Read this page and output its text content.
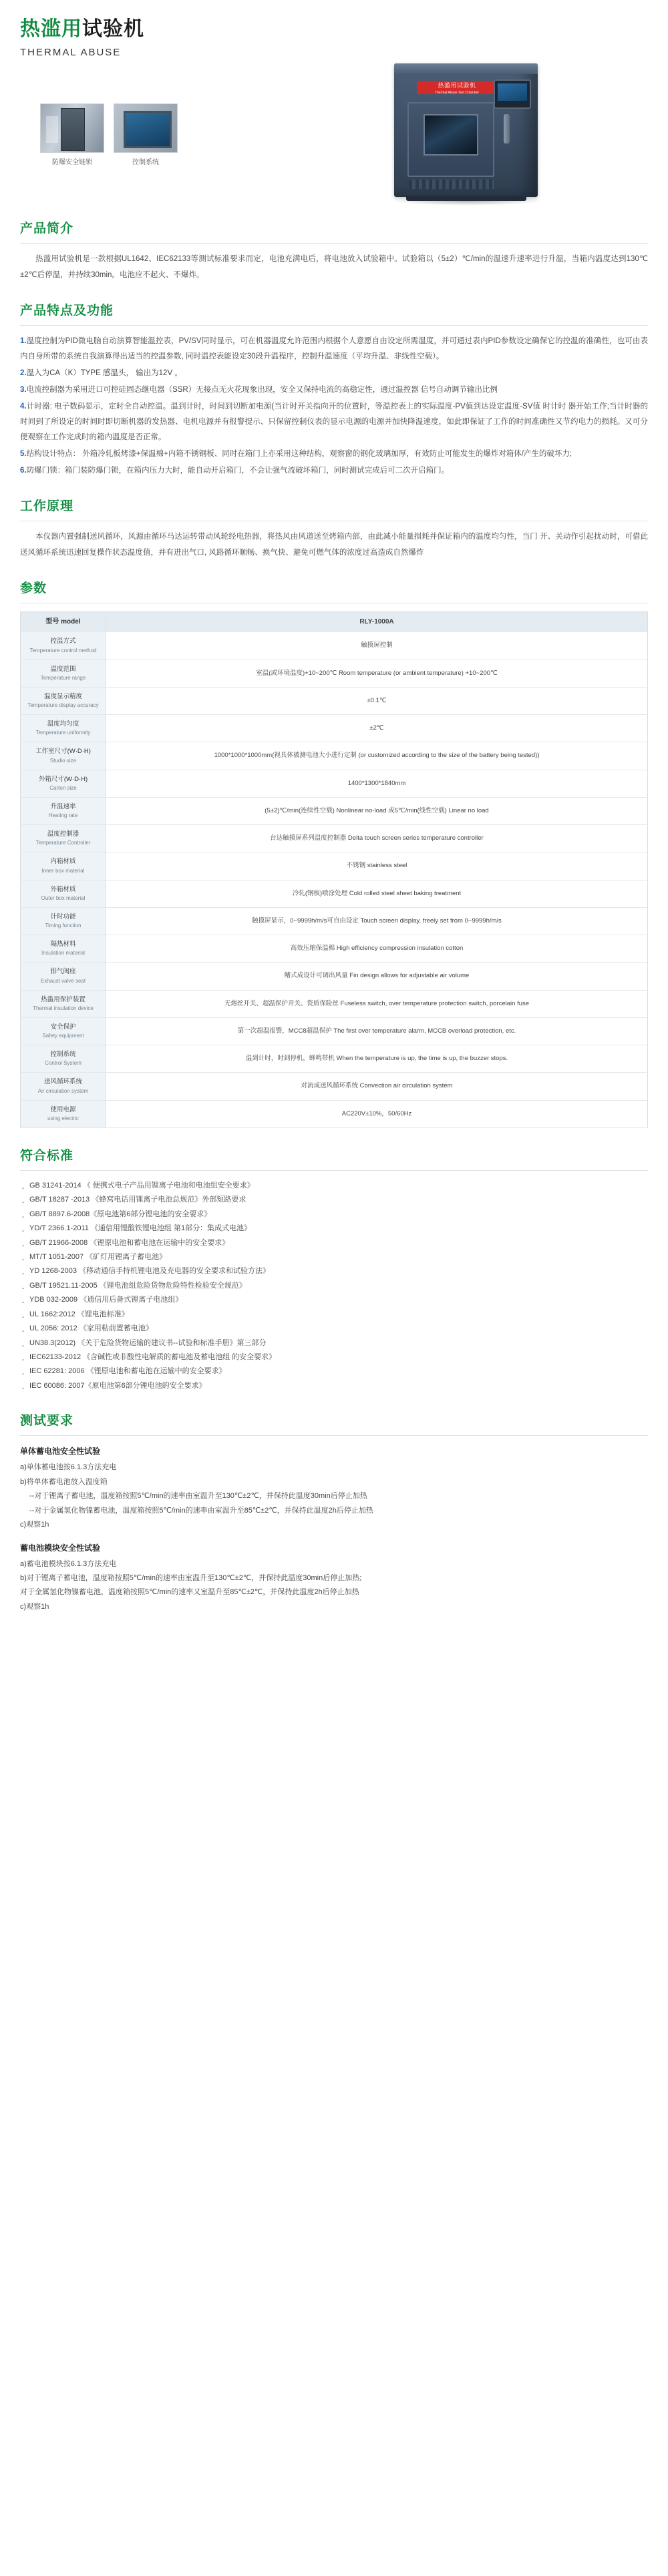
热滥用试验机
THERMAL ABUSE
防爆安全链锁	控制系统
热滥用试验机
Thermal Abuse Test Chamber
产品简介

热滥用试验机是一款根据UL1642、IEC62133等测试标准要求而定，电池充满电后，将电池放入试验箱中。试验箱以（5±2）℃/min的温速升速率进行升温，当箱内温度达到130℃±2℃后停温，并持续30min。电池应不起火、不爆炸。

产品特点及功能
1.温度控制为PID微电脑自动演算智能温控表，PV/SV同时显示，可在机器温度允许范围内根据个人意愿自由设定所需温度，并可通过表内PID参数设定确保它的控温的准确性，也可由表内自身所带的系统自我演算得出适当的控温参数, 同时温控表能设定30段升温程序，控制升温速度（平均升温、非线性空载）。
2.温入为CA（K）TYPE 感温头， 输出为12V 。
3.电流控制器为采用进口可控硅固态继电器（SSR）无接点无火花现象出现，安全又保持电流的高稳定性，通过温控器 信号自动调节输出比例
4.计时器: 电子数码显示，定时全自动控温。温到计时，时间到切断加电源(当计时开关指向开的位置时，等温控表上的实际温度-PV值到达设定温度-SV值 时计时 器开始工作;当计时器的时间到了所设定的时间时即切断机器的发热器、电机电源并有报警提示、只保留控制仪表的显示电源的电源并加快降温速度，如此即保证了工作的时间准确性又节约电力的损耗。又可分便观察在工作完成时的箱内温度是否正常。
5.结构设计特点： 外箱冷轧板烤漆+保温棉+内箱不锈钢板、同时在箱门上亦采用这种结构，观察窗的钢化玻璃加厚，有效防止可能发生的爆炸对箱体/产生的破坏力;
6.防爆门锁：箱门装防爆门锁，在箱内压力大时，能自动开启箱门，不会让强气流破坏箱门，同时测试完成后可二次开启箱门。
工作原理

本仪器内置强制送风循环，风源由循环马达运转带动风轮经电热器，将热风由风道送至烤箱内部，由此减小能量损耗并保证箱内的温度均匀性，当门 开、关动作引起扰动时，可借此送风循环系统迅速回复操作状态温度值，并有进出气口, 风路循环顺畅、换气快、避免可燃气体的浓度过高造成自然爆炸

参数
型号 model	RLY-1000A
控温方式
Temperature control method	触摸屏控制
温度范围
Temperature range	室温(或环境温度)+10~200℃ Room temperature (or ambient temperature) +10~200℃
温度显示精度
Temperature display accuracy	±0.1℃
温度均匀度
Temperature uniformity	±2℃
工作室尺寸(W·D·H)
Studio size	1000*1000*1000mm(视具体被测电池大小进行定制 (or customized according to the size of the battery being tested))
外箱尺寸(W·D·H)
Carton size	1400*1300*1840mm
升温速率
Heating rate	(5±2)℃/min(连续性空载) Nonlinear no-load 或5℃/min(线性空载) Linear no load
温度控制器
Temperature Controller	台达触摸屏系列温度控制器 Delta touch screen series temperature controller
内箱材质
Inner box material	不锈钢 stainless steel
外箱材质
Outer box material	冷轧(钢板)喷涂处理 Cold rolled steel sheet baking treatment
计时功能
Timing function	触摸屏显示，0~9999h/m/s可自由设定 Touch screen display, freely set from 0~9999h/m/s
隔热材料
Insulation material	高效压缩保温棉 High efficiency compression insulation cotton
排气阀座
Exhaust valve seat	鳍式成设计可调出风量 Fin design allows for adjustable air volume
热滥用保护装置
Thermal insulation device	无熔丝开关、超温保护开关、瓷质保险丝 Fuseless switch, over temperature protection switch, porcelain fuse
安全保护
Safety equipment	第一次超温报警，MCC8超温保护 The first over temperature alarm, MCCB overload protection, etc.
控制系统
Control System	温到计时，时到停机，蜂鸣带机 When the temperature is up, the time is up, the buzzer stops.
送风循环系统
Air circulation system	对流成送风循环系统 Convection air circulation system
使用电源
using electric	AC220V±10%，50/60Hz
符合标准
· GB 31241-2014 《 便携式电子产品用锂离子电池和电池组安全要求》
· GB/T 18287 -2013 《蜂窝电话用锂离子电池总规范》外部短路要求
· GB/T 8897.6-2008《原电池第6部分锂电池的安全要求》
· YD/T 2366.1-2011 《通信用锂酸铁锂电池组 第1部分：集成式电池》
· GB/T 21966-2008 《锂原电池和蓄电池在运输中的安全要求》
· MT/T 1051-2007 《矿灯用锂离子蓄电池》
· YD 1268-2003 《移动通信手持机锂电池及充电器的安全要求和试验方法》
· GB/T 19521.11-2005 《锂电池组危险货物危险特性检验安全规范》
· YDB 032-2009 《通信用后备式锂离子电池组》
· UL 1662:2012 《锂电池标准》
· UL 2056: 2012 《家用粘前置蓄电池》
· UN38.3(2012) 《关于危险货物运输的建议书--试验和标准手册》第三部分
· IEC62133-2012 《含碱性或非酸性电解质的蓄电池及蓄电池组 的安全要求》
· IEC 62281: 2006 《锂原电池和蓄电池在运输中的安全要求》
· IEC 60086: 2007《原电池第6部分锂电池的安全要求》
测试要求
单体蓄电池安全性试验
a)单体蓄电池按6.1.3方法充电
b)将单体蓄电池放入温度箱
--对于锂离子蓄电池，温度箱按照5℃/min的速率由室温升至130℃±2℃，并保持此温度30min后停止加热
--对于金属氢化物镍蓄电池，温度箱按照5℃/min的速率由室温升至85℃±2℃，并保持此温度2h后停止加热
c)观察1h
蓄电池模块安全性试验
a)蓄电池模块按6.1.3方法充电
b)对于锂离子蓄电池，温度箱按照5℃/min的速率由室温升至130℃±2℃，并保持此温度30min后停止加热;
对于金属氢化物镍蓄电池，温度箱按照5℃/min的速率又室温升至85℃±2℃，并保持此温度2h后停止加热
c)观察1h
